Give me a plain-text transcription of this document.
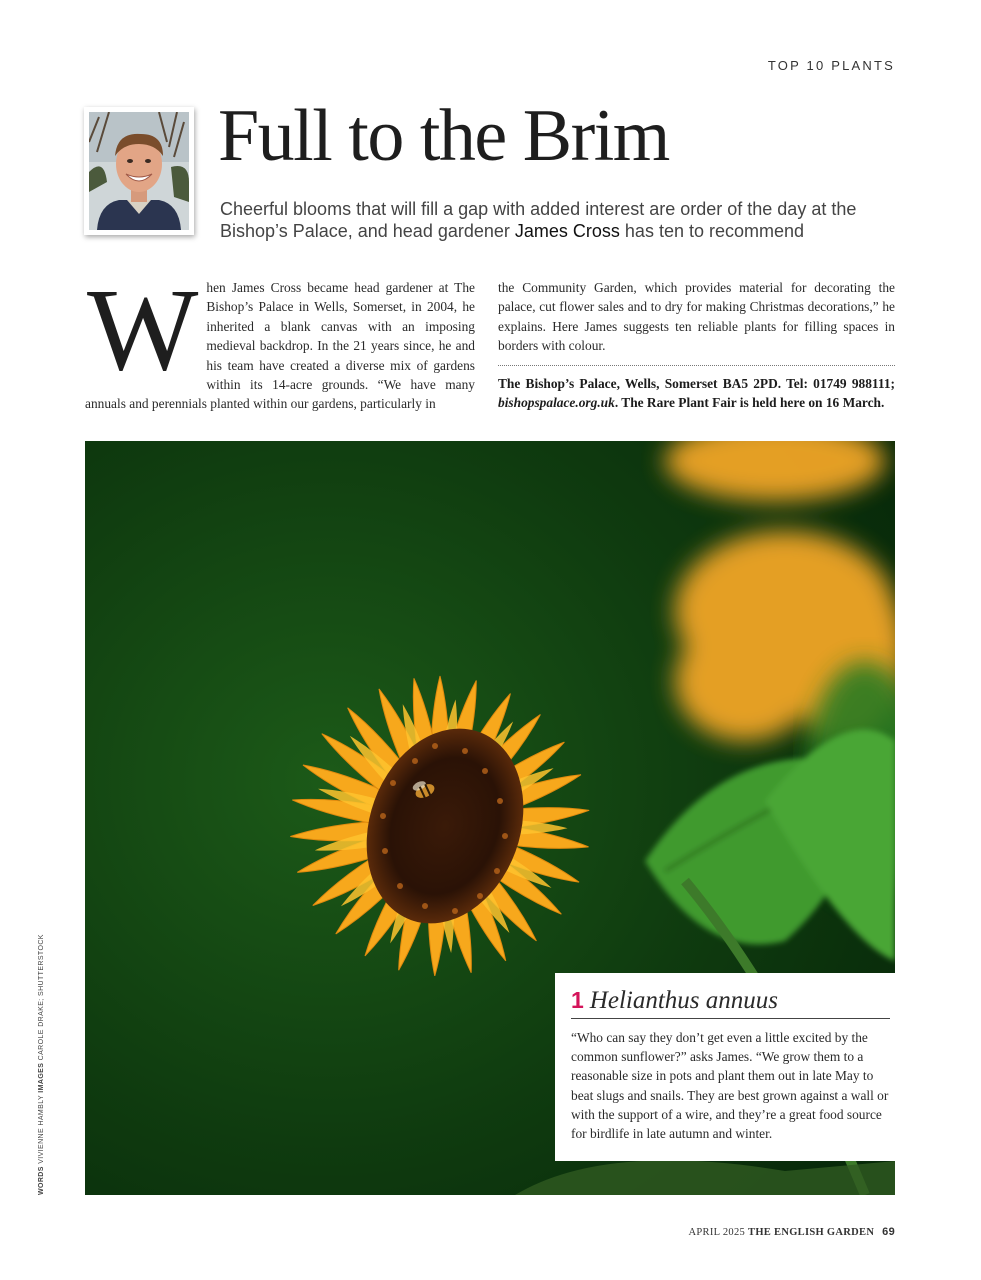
TOP 10 PLANTS
Full to the Brim

Cheerful blooms that will fill a gap with added interest are order of the day at the Bishop’s Palace, and head gardener James Cross has ten to recommend

W hen James Cross became head gardener at The Bishop’s Palace in Wells, Somerset, in 2004, he inherited a blank canvas with an imposing medieval backdrop. In the 21 years since, he and his team have created a diverse mix of gardens within its 14-acre grounds. “We have many annuals and perennials planted within our gardens, particularly in

the Community Garden, which provides material for decorating the palace, cut flower sales and to dry for making Christmas decorations,” he explains. Here James suggests ten reliable plants for filling spaces in borders with colour.

The Bishop’s Palace, Wells, Somerset BA5 2PD. Tel: 01749 988111; bishopspalace.org.uk. The Rare Plant Fair is held here on 16 March.

1 Helianthus annuus

“Who can say they don’t get even a little excited by the common sunflower?” asks James. “We grow them to a reasonable size in pots and plant them out in late May to beat slugs and snails. They are best grown against a wall or with the support of a wire, and they’re a great food source for birdlife in late autumn and winter.

WORDS VIVIENNE HAMBLY IMAGES CAROLE DRAKE; SHUTTERSTOCK
APRIL 2025 THE ENGLISH GARDEN 69
